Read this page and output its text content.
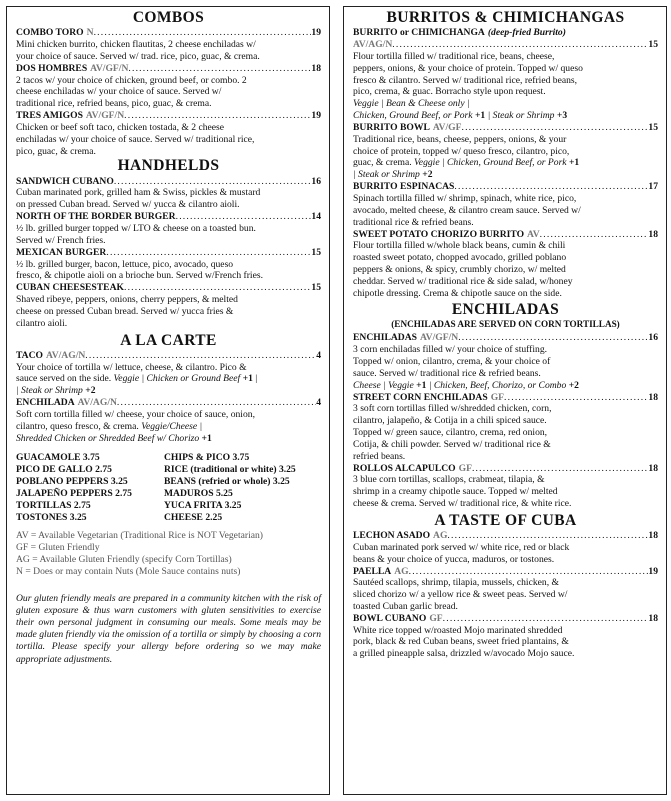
COMBOS
COMBO TORO N .....	19

Mini chicken burrito, chicken flautitas, 2 cheese enchiladas w/

your choice of sauce. Served w/ trad. rice, pico, guac, & crema.

DOS HOMBRES AV/GF/N .....	18

2 tacos w/ your choice of chicken, ground beef, or combo. 2

cheese enchiladas w/ your choice of sauce. Served w/

traditional rice, refried beans, pico, guac, & crema.

TRES AMIGOS AV/GF/N .....	19

Chicken or beef soft taco, chicken tostada, & 2 cheese

enchiladas w/ your choice of sauce. Served w/ traditional rice,

pico, guac, & crema.

HANDHELDS
SANDWICH CUBANO .....	16

Cuban marinated pork, grilled ham & Swiss, pickles & mustard

on pressed Cuban bread. Served w/ yucca & cilantro aioli.

NORTH OF THE BORDER BURGER .....	14

½ lb. grilled burger topped w/ LTO & cheese on a toasted bun.

Served w/ French fries.

MEXICAN BURGER .....	15

½ lb. grilled burger, bacon, lettuce, pico, avocado, queso

fresco, & chipotle aioli on a brioche bun. Served w/French fries.

CUBAN CHEESESTEAK .....	15

Shaved ribeye, peppers, onions, cherry peppers, & melted

cheese on pressed Cuban bread. Served w/ yucca fries &

cilantro aioli.

A LA CARTE
TACO AV/AG/N .....	4

Your choice of tortilla w/ lettuce, cheese, & cilantro. Pico &

sauce served on the side. Veggie | Chicken or Ground Beef +1 |

| Steak or Shrimp +2

ENCHILADA AV/AG/N .....	4

Soft corn tortilla filled w/ cheese, your choice of sauce, onion,

cilantro, queso fresco, & crema. Veggie/Cheese |

Shredded Chicken or Shredded Beef w/ Chorizo +1

GUACAMOLE 3.75	CHIPS & PICO 3.75
PICO DE GALLO 2.75	RICE (traditional or white) 3.25
POBLANO PEPPERS 3.25	BEANS (refried or whole) 3.25
JALAPEÑO PEPPERS 2.75	MADUROS 5.25
TORTILLAS 2.75	YUCA FRITA 3.25
TOSTONES 3.25	CHEESE 2.25
AV = Available Vegetarian (Traditional Rice is NOT Vegetarian)
GF = Gluten Friendly
AG = Available Gluten Friendly (specify Corn Tortillas)
N = Does or may contain Nuts (Mole Sauce contains nuts)
Our gluten friendly meals are prepared in a community kitchen with the risk of gluten exposure & thus warn customers with gluten sensitivities to exercise their own personal judgment in consuming our meals. Some meals may be made gluten friendly via the omission of a tortilla or simply by choosing a corn tortilla. Please specify your allergy before ordering so we may make appropriate adjustments.
BURRITOS & CHIMICHANGAS
BURRITO or CHIMICHANGA (deep-fried Burrito)
AV/AG/N .....	15

Flour tortilla filled w/ traditional rice, beans, cheese,

peppers, onions, & your choice of protein. Topped w/ queso

fresco & cilantro. Served w/ traditional rice, refried beans,

pico, crema, & guac. Borracho style upon request.

Veggie | Bean & Cheese only |

Chicken, Ground Beef, or Pork +1 | Steak or Shrimp +3

BURRITO BOWL AV/GF .....	15

Traditional rice, beans, cheese, peppers, onions, & your

choice of protein, topped w/ queso fresco, cilantro, pico,

guac, & crema. Veggie | Chicken, Ground Beef, or Pork +1

| Steak or Shrimp +2

BURRITO ESPINACAS .....	17

Spinach tortilla filled w/ shrimp, spinach, white rice, pico,

avocado, melted cheese, & cilantro cream sauce. Served w/

traditional rice & refried beans.

SWEET POTATO CHORIZO BURRITO AV .....	18

Flour tortilla filled w/whole black beans, cumin & chili

roasted sweet potato, chopped avocado, grilled poblano

peppers & onions, & spicy, crumbly chorizo, w/ melted

cheddar. Served w/ traditional rice & side salad, w/honey

chipotle dressing. Crema & chipotle sauce on the side.

ENCHILADAS
(ENCHILADAS ARE SERVED ON CORN TORTILLAS)
ENCHILADAS AV/GF/N .....	16

3 corn enchiladas filled w/ your choice of stuffing.

Topped w/ onion, cilantro, crema, & your choice of

sauce. Served w/ traditional rice & refried beans.

Cheese | Veggie +1 | Chicken, Beef, Chorizo, or Combo +2

STREET CORN ENCHILADAS GF .....	18

3 soft corn tortillas filled w/shredded chicken, corn,

cilantro, jalapeño, & Cotija in a chili spiced sauce.

Topped w/ green sauce, cilantro, crema, red onion,

Cotija, & chili powder. Served w/ traditional rice &

refried beans.

ROLLOS ALCAPULCO GF .....	18

3 blue corn tortillas, scallops, crabmeat, tilapia, &

shrimp in a creamy chipotle sauce. Topped w/ melted

cheese & crema. Served w/ traditional rice, & white rice.

A TASTE OF CUBA
LECHON ASADO AG .....	18

Cuban marinated pork served w/ white rice, red or black

beans & your choice of yucca, maduros, or tostones.

PAELLA AG .....	19

Sautéed scallops, shrimp, tilapia, mussels, chicken, &

sliced chorizo w/ a yellow rice & sweet peas. Served w/

toasted Cuban garlic bread.

BOWL CUBANO GF .....	18

White rice topped w/roasted Mojo marinated shredded

pork, black & red Cuban beans, sweet fried plantains, &

a grilled pineapple salsa, drizzled w/avocado Mojo sauce.
